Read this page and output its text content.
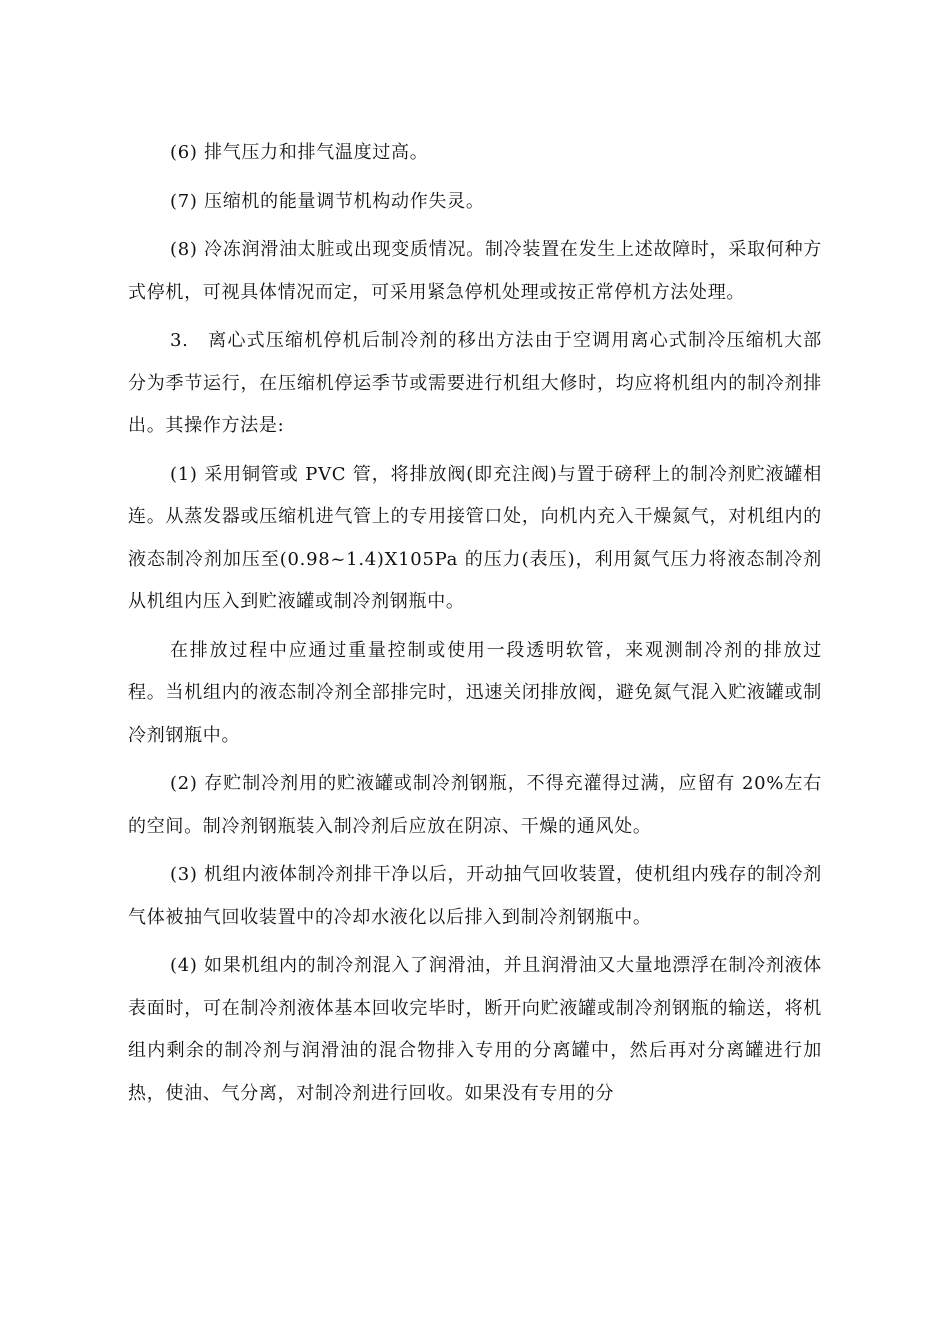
(6) 排气压力和排气温度过高。

(7) 压缩机的能量调节机构动作失灵。

(8) 冷冻润滑油太脏或出现变质情况。制冷装置在发生上述故障时，采取何种方式停机，可视具体情况而定，可采用紧急停机处理或按正常停机方法处理。

3.　离心式压缩机停机后制冷剂的移出方法由于空调用离心式制冷压缩机大部分为季节运行，在压缩机停运季节或需要进行机组大修时，均应将机组内的制冷剂排出。其操作方法是:

(1) 采用铜管或 PVC 管，将排放阀(即充注阀)与置于磅秤上的制冷剂贮液罐相连。从蒸发器或压缩机进气管上的专用接管口处，向机内充入干燥氮气，对机组内的液态制冷剂加压至(0.98~1.4)X105Pa 的压力(表压)，利用氮气压力将液态制冷剂从机组内压入到贮液罐或制冷剂钢瓶中。

在排放过程中应通过重量控制或使用一段透明软管，来观测制冷剂的排放过程。当机组内的液态制冷剂全部排完时，迅速关闭排放阀，避免氮气混入贮液罐或制冷剂钢瓶中。

(2) 存贮制冷剂用的贮液罐或制冷剂钢瓶，不得充灌得过满，应留有 20%左右的空间。制冷剂钢瓶装入制冷剂后应放在阴凉、干燥的通风处。

(3) 机组内液体制冷剂排干净以后，开动抽气回收装置，使机组内残存的制冷剂气体被抽气回收装置中的冷却水液化以后排入到制冷剂钢瓶中。

(4) 如果机组内的制冷剂混入了润滑油，并且润滑油又大量地漂浮在制冷剂液体表面时，可在制冷剂液体基本回收完毕时，断开向贮液罐或制冷剂钢瓶的输送，将机组内剩余的制冷剂与润滑油的混合物排入专用的分离罐中，然后再对分离罐进行加热，使油、气分离，对制冷剂进行回收。如果没有专用的分
